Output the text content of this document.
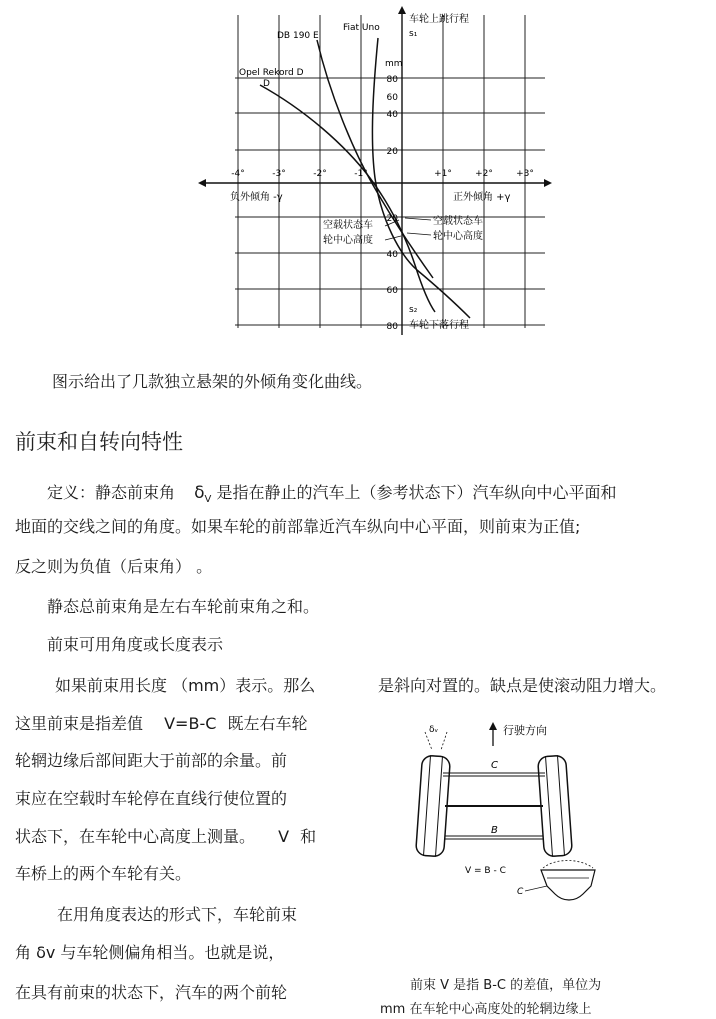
DB 190 E
Fiat Uno
Opel Rekord D
D
-4°	-3°	-2°	-1°	+1°	+2°	+3°
80
60
40
20
20
40
60
80
mm
车轮上跳行程
s₁
s₂
车轮下落行程
负外倾角 -γ	正外倾角 +γ
空载状态车
轮中心高度
空载状态车
轮中心高度
图示给出了几款独立悬架的外倾角变化曲线。
前束和自转向特性
定义：静态前束角 $\delta_V$ 是指在静止的汽车上（参考状态下）汽车纵向中心平面和
地面的交线之间的角度。如果车轮的前部靠近汽车纵向中心平面，则前束为正值;
反之则为负值（后束角） 。
静态总前束角是左右车轮前束角之和。
前束可用角度或长度表示
如果前束用长度 （mm）表示。那么	是斜向对置的。缺点是使滚动阻力增大。
这里前束是指差值 V=B-C 既左右车轮
轮辋边缘后部间距大于前部的余量。前
束应在空载时车轮停在直线行使位置的
状态下，在车轮中心高度上测量。 V 和
车桥上的两个车轮有关。
在用角度表达的形式下，车轮前束
角 δv 与车轮侧偏角相当。也就是说，
在具有前束的状态下，汽车的两个前轮
行驶方向
δᵥ
C
B
V = B - C
C
前束 V 是指 B-C 的差值，单位为
mm 在车轮中心高度处的轮辋边缘上
